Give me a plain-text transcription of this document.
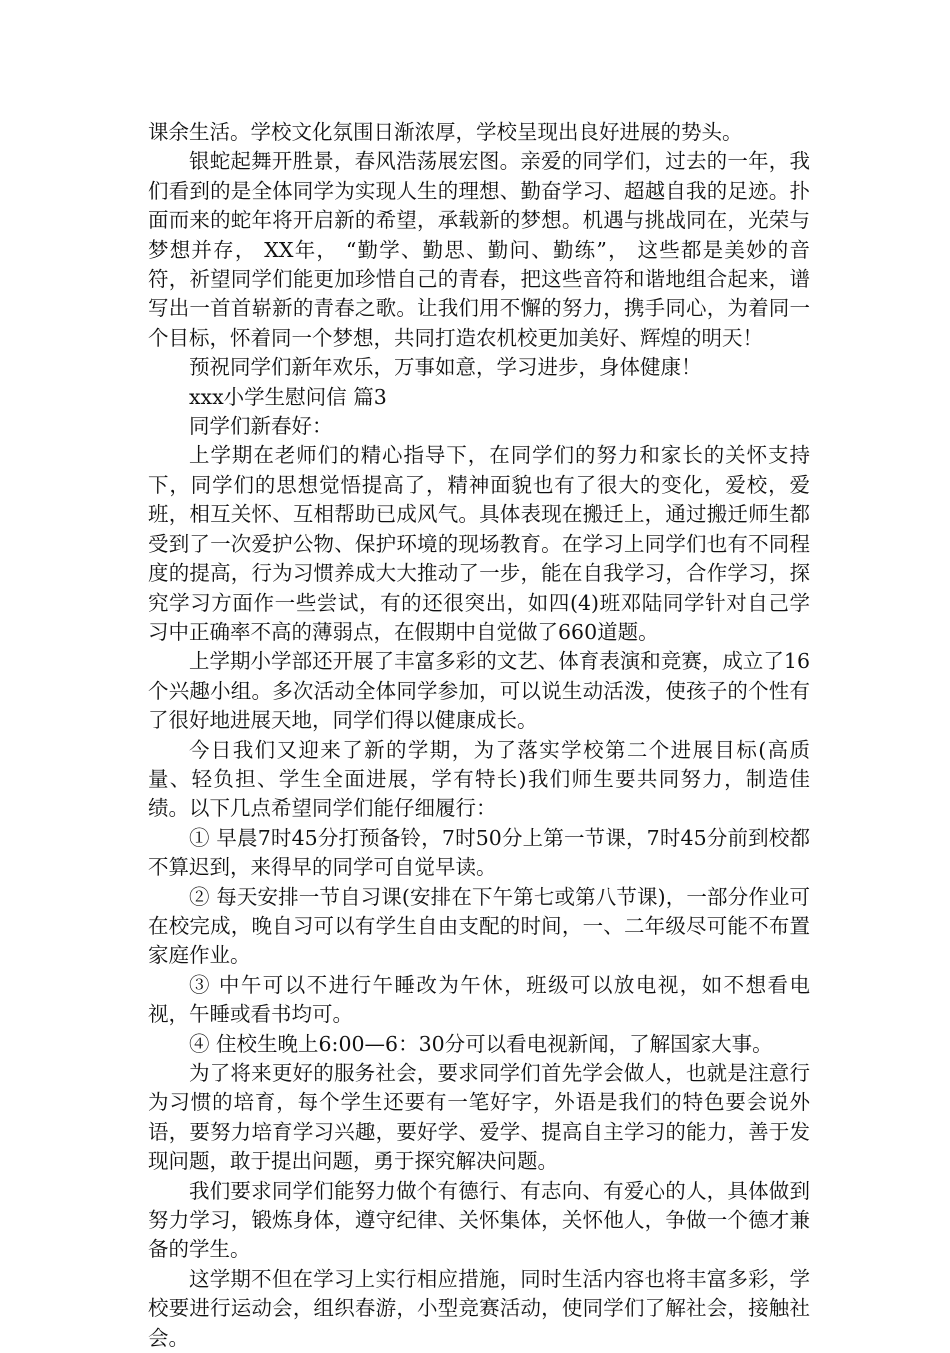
课余生活。学校文化氛围日渐浓厚，学校呈现出良好进展的势头。

银蛇起舞开胜景，春风浩荡展宏图。亲爱的同学们，过去的一年，我们看到的是全体同学为实现人生的理想、勤奋学习、超越自我的足迹。扑面而来的蛇年将开启新的希望，承载新的梦想。机遇与挑战同在，光荣与梦想并存， XX年， “勤学、勤思、勤问、勤练”， 这些都是美妙的音符，祈望同学们能更加珍惜自己的青春，把这些音符和谐地组合起来，谱写出一首首崭新的青春之歌。让我们用不懈的努力，携手同心，为着同一个目标，怀着同一个梦想，共同打造农机校更加美好、辉煌的明天！

预祝同学们新年欢乐，万事如意，学习进步，身体健康！

xxx小学生慰问信 篇3

同学们新春好：

上学期在老师们的精心指导下，在同学们的努力和家长的关怀支持下，同学们的思想觉悟提高了，精神面貌也有了很大的变化，爱校，爱班，相互关怀、互相帮助已成风气。具体表现在搬迁上，通过搬迁师生都受到了一次爱护公物、保护环境的现场教育。在学习上同学们也有不同程度的提高，行为习惯养成大大推动了一步，能在自我学习，合作学习，探究学习方面作一些尝试，有的还很突出，如四(4)班邓陆同学针对自己学习中正确率不高的薄弱点，在假期中自觉做了660道题。

上学期小学部还开展了丰富多彩的文艺、体育表演和竞赛，成立了16个兴趣小组。多次活动全体同学参加，可以说生动活泼，使孩子的个性有了很好地进展天地，同学们得以健康成长。

今日我们又迎来了新的学期，为了落实学校第二个进展目标(高质量、轻负担、学生全面进展，学有特长)我们师生要共同努力，制造佳绩。以下几点希望同学们能仔细履行：

① 早晨7时45分打预备铃，7时50分上第一节课，7时45分前到校都不算迟到，来得早的同学可自觉早读。

② 每天安排一节自习课(安排在下午第七或第八节课)，一部分作业可在校完成，晚自习可以有学生自由支配的时间，一、二年级尽可能不布置家庭作业。

③ 中午可以不进行午睡改为午休，班级可以放电视，如不想看电视，午睡或看书均可。

④ 住校生晚上6:00—6：30分可以看电视新闻，了解国家大事。

为了将来更好的服务社会，要求同学们首先学会做人，也就是注意行为习惯的培育，每个学生还要有一笔好字，外语是我们的特色要会说外语，要努力培育学习兴趣，要好学、爱学、提高自主学习的能力，善于发现问题，敢于提出问题，勇于探究解决问题。

我们要求同学们能努力做个有德行、有志向、有爱心的人，具体做到努力学习，锻炼身体，遵守纪律、关怀集体，关怀他人，争做一个德才兼备的学生。

这学期不但在学习上实行相应措施，同时生活内容也将丰富多彩，学校要进行运动会，组织春游，小型竞赛活动，使同学们了解社会，接触社会。
